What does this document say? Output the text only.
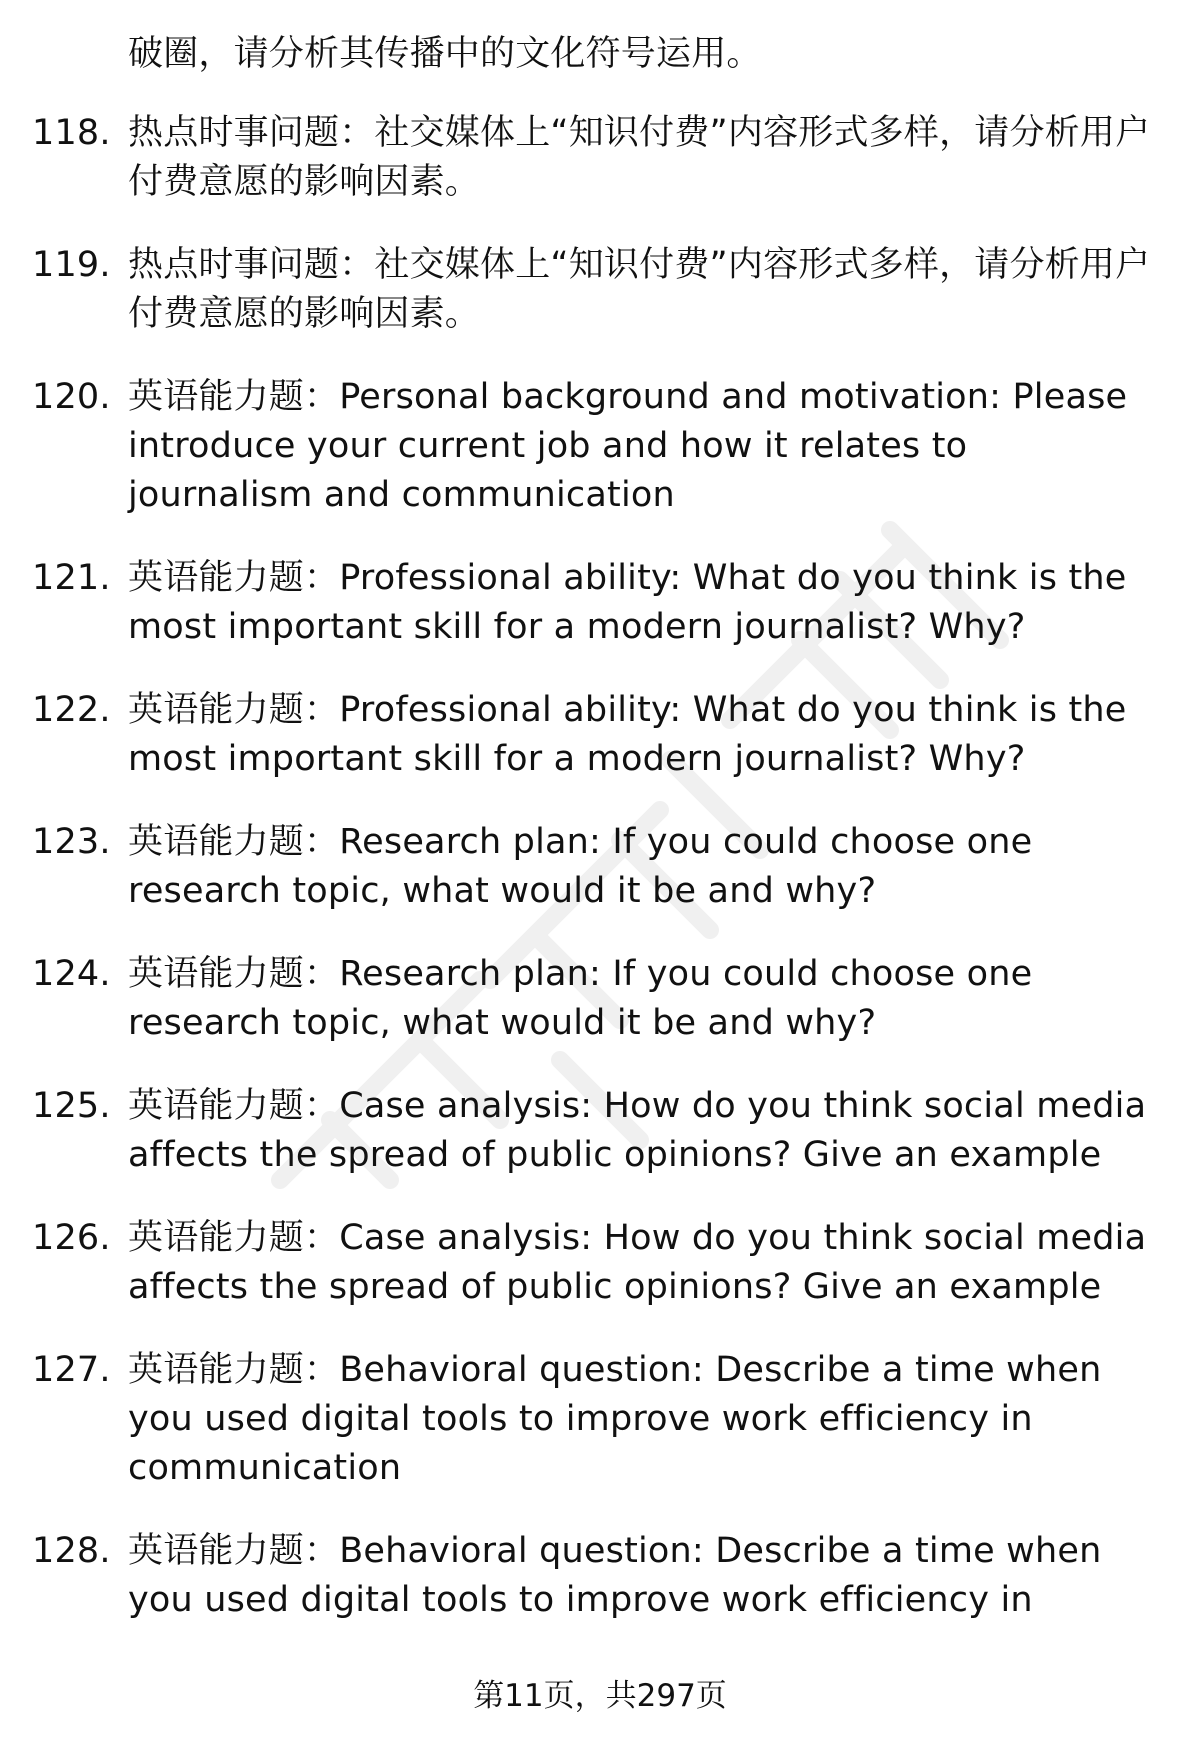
破圈，请分析其传播中的文化符号运用。
118. 热点时事问题：社交媒体上“知识付费”内容形式多样，请分析用户付费意愿的影响因素。
119. 热点时事问题：社交媒体上“知识付费”内容形式多样，请分析用户付费意愿的影响因素。
120. 英语能力题：Personal background and motivation: Please introduce your current job and how it relates to journalism and communication
121. 英语能力题：Professional ability: What do you think is the most important skill for a modern journalist? Why?
122. 英语能力题：Professional ability: What do you think is the most important skill for a modern journalist? Why?
123. 英语能力题：Research plan: If you could choose one research topic, what would it be and why?
124. 英语能力题：Research plan: If you could choose one research topic, what would it be and why?
125. 英语能力题：Case analysis: How do you think social media affects the spread of public opinions? Give an example
126. 英语能力题：Case analysis: How do you think social media affects the spread of public opinions? Give an example
127. 英语能力题：Behavioral question: Describe a time when you used digital tools to improve work efficiency in communication
128. 英语能力题：Behavioral question: Describe a time when you used digital tools to improve work efficiency in
第11页，共297页
